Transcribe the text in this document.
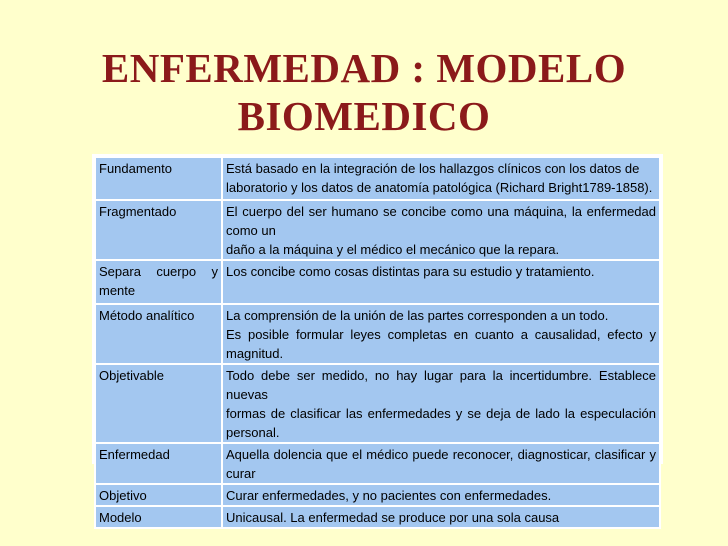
ENFERMEDAD : MODELO
BIOMEDICO
Fundamento	Está basado en la integración de los hallazgos clínicos con los datos de
laboratorio y los datos de anatomía patológica (Richard Bright1789-1858).

Fragmentado	El cuerpo del ser humano se concibe como una máquina, la enfermedad como un
daño a la máquina y el médico el mecánico que la repara.

Separa cuerpo y
mente	Los concibe como cosas distintas para su estudio y tratamiento.

Método analítico	La comprensión de la unión de las partes corresponden a un todo.
Es posible formular leyes completas en cuanto a causalidad, efecto y magnitud.

Objetivable	Todo debe ser medido, no hay lugar para la incertidumbre. Establece nuevas
formas de clasificar las enfermedades y se deja de lado la especulación personal.

Enfermedad	Aquella dolencia que el médico puede reconocer, diagnosticar, clasificar y curar

Objetivo	Curar enfermedades, y no pacientes con enfermedades.

Modelo	Unicausal. La enfermedad se produce por una sola causa
